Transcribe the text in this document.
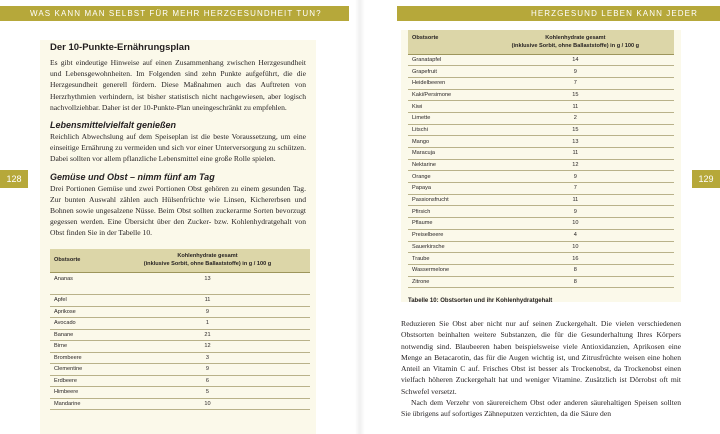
WAS KANN MAN SELBST FÜR MEHR HERZGESUNDHEIT TUN?	HERZGESUND LEBEN KANN JEDER
128	129
Der 10-Punkte-Ernährungsplan

Es gibt eindeutige Hinweise auf einen Zusammenhang zwischen Herzgesundheit und Lebensgewohnheiten. Im Folgenden sind zehn Punkte aufgeführt, die die Herzgesundheit generell fördern. Diese Maßnahmen auch das Auftreten von Herzrhythmien verhindern, ist bisher statistisch nicht nachgewiesen, aber logisch nachvollziehbar. Daher ist der 10-Punkte-Plan uneingeschränkt zu empfehlen.

Lebensmittelvielfalt genießen

Reichlich Abwechslung auf dem Speiseplan ist die beste Voraussetzung, um eine einseitige Ernährung zu vermeiden und sich vor einer Unterversorgung zu schützen. Dabei sollten vor allem pflanzliche Lebensmittel eine große Rolle spielen.

Gemüse und Obst – nimm fünf am Tag

Drei Portionen Gemüse und zwei Portionen Obst gehören zu einem gesunden Tag. Zur bunten Auswahl zählen auch Hülsenfrüchte wie Linsen, Kichererbsen und Bohnen sowie ungesalzene Nüsse. Beim Obst sollten zuckerarme Sorten bevorzugt gegessen werden. Eine Übersicht über den Zucker- bzw. Kohlenhydratgehalt von Obst finden Sie in der Tabelle 10.

Obstsorte	Kohlenhydrate gesamt
(inklusive Sorbit, ohne Ballaststoffe) in g / 100 g
Ananas	13
Apfel	11
Aprikose	9
Avocado	1
Banane	21
Birne	12
Brombeere	3
Clementine	9
Erdbeere	6
Himbeere	5
Mandarine	10
Obstsorte	Kohlenhydrate gesamt
(inklusive Sorbit, ohne Ballaststoffe) in g / 100 g
Granatapfel	14
Grapefruit	9
Heidelbeeren	7
Kaki/Persimone	15
Kiwi	11
Limette	2
Litschi	15
Mango	13
Maracuja	11
Nektarine	12
Orange	9
Papaya	7
Passionsfrucht	11
Pfirsich	9
Pflaume	10
Preiselbeere	4
Sauerkirsche	10
Traube	16
Wassermelone	8
Zitrone	8
Tabelle 10: Obstsorten und ihr Kohlenhydratgehalt

Reduzieren Sie Obst aber nicht nur auf seinen Zuckergehalt. Die vielen verschiedenen Obstsorten beinhalten weitere Substanzen, die für die Gesunderhaltung Ihres Körpers notwendig sind. Blaubeeren haben beispielsweise viele Antioxidanzien, Aprikosen eine Menge an Betacarotin, das für die Augen wichtig ist, und Zitrusfrüchte weisen eine hohen Anteil an Vitamin C auf. Frisches Obst ist besser als Trockenobst, da Trockenobst einen vielfach höheren Zuckergehalt hat und weniger Vitamine. Zusätzlich ist Dörrobst oft mit Schwefel versetzt.

Nach dem Verzehr von säurereichem Obst oder anderen säurehaltigen Speisen sollten Sie übrigens auf sofortiges Zähneputzen verzichten, da die Säure den
